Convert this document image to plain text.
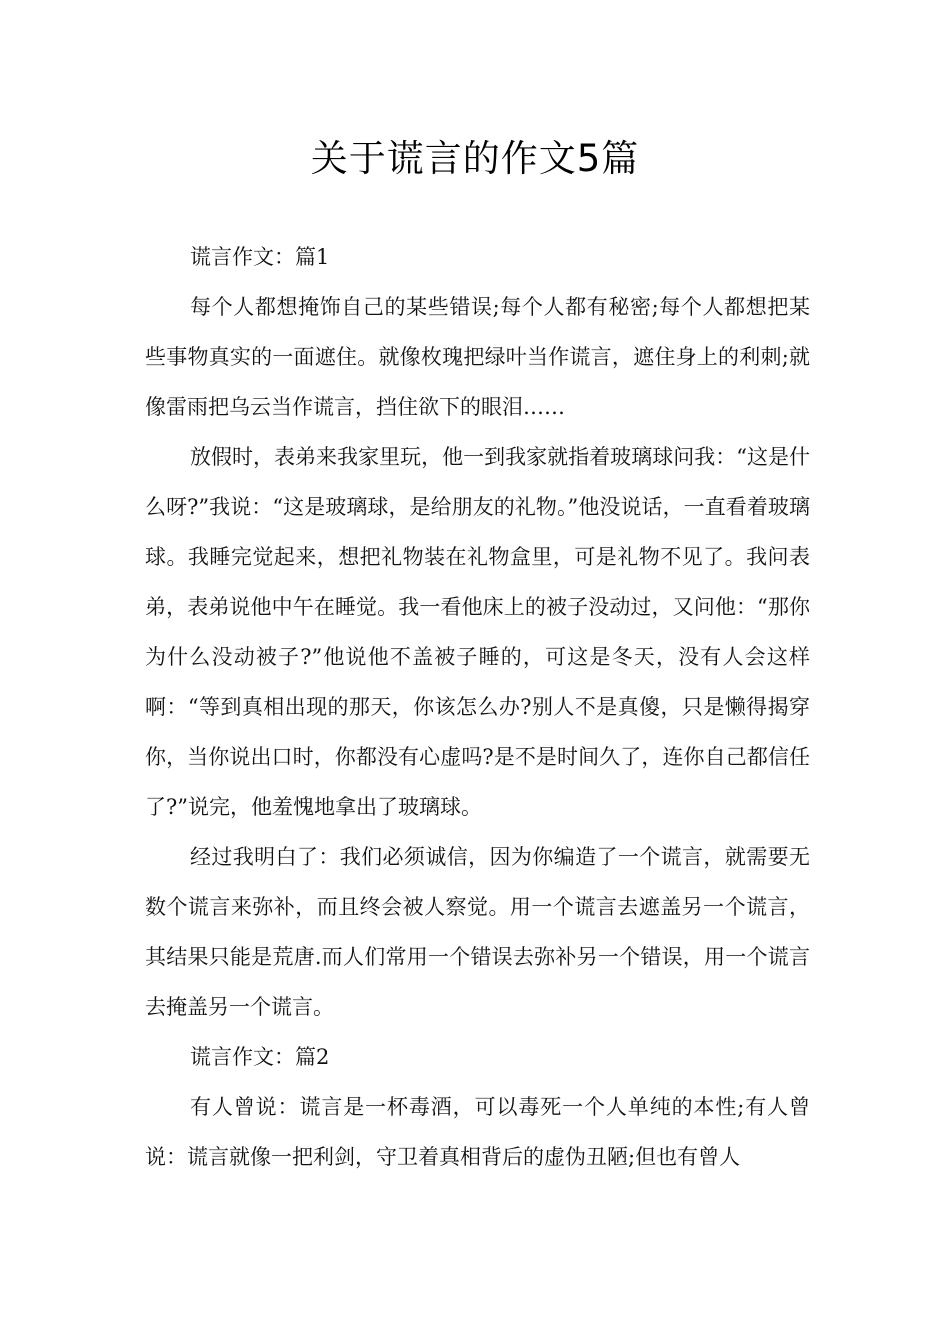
关于谎言的作文5篇

谎言作文：篇1

每个人都想掩饰自己的某些错误;每个人都有秘密;每个人都想把某些事物真实的一面遮住。就像枚瑰把绿叶当作谎言，遮住身上的利刺;就像雷雨把乌云当作谎言，挡住欲下的眼泪……

放假时，表弟来我家里玩，他一到我家就指着玻璃球问我：“这是什么呀?”我说：“这是玻璃球，是给朋友的礼物。”他没说话，一直看着玻璃球。我睡完觉起来，想把礼物装在礼物盒里，可是礼物不见了。我问表弟，表弟说他中午在睡觉。我一看他床上的被子没动过，又问他：“那你为什么没动被子?”他说他不盖被子睡的，可这是冬天，没有人会这样啊：“等到真相出现的那天，你该怎么办?别人不是真傻，只是懒得揭穿你，当你说出口时，你都没有心虚吗?是不是时间久了，连你自己都信任了?”说完，他羞愧地拿出了玻璃球。

经过我明白了：我们必须诚信，因为你编造了一个谎言，就需要无数个谎言来弥补，而且终会被人察觉。用一个谎言去遮盖另一个谎言，其结果只能是荒唐.而人们常用一个错误去弥补另一个错误，用一个谎言去掩盖另一个谎言。

谎言作文：篇2

有人曾说：谎言是一杯毒酒，可以毒死一个人单纯的本性;有人曾说：谎言就像一把利剑，守卫着真相背后的虚伪丑陋;但也有曾人
